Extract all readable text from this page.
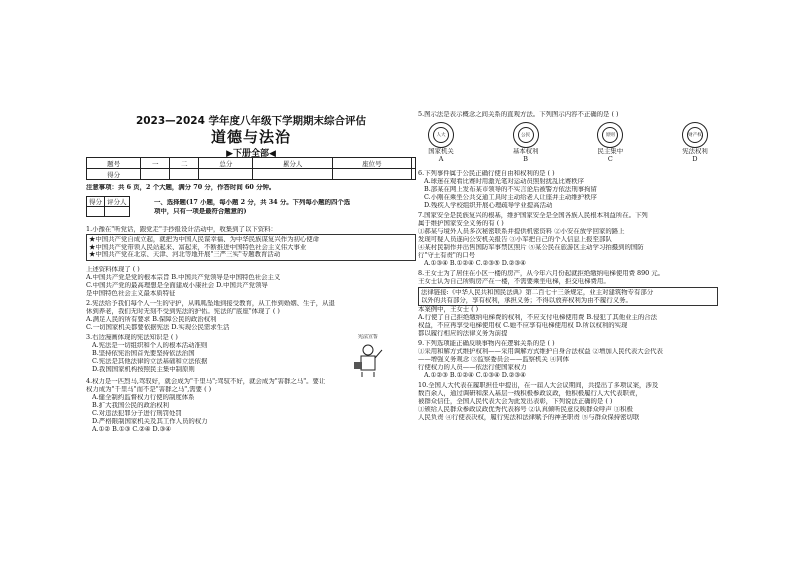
2023—2024 学年度八年级下学期期末综合评估
道德与法治
▶下册全部◀
题号	一	二	总分	累分人	座位号	
得分						
注意事项：共 6 页，2 个大题，满分 70 分，作答时间 60 分钟。
得分	评分人
		一、选择题(17 小题，每小题 2 分，共 34 分。下列每小题的四个选
项中，只有一项是最符合题意的)
1.小豫在"听党话，跟党走"手抄报设计活动中，收集到了以下资料：
★中国共产党自成立起，就把为中国人民谋幸福、为中华民族谋复兴作为初心使命
★中国共产党带领人民站起来、富起来，不断推进中国特色社会主义伟大事业
★中国共产党在北京、天津、河北等地开展"三严三实"专题教育活动
上述资料体现了 ( )
A.中国共产党是党的根本宗旨 B.中国共产党领导是中国特色社会主义
C.中国共产党的最高理想是全面建成小康社会 D.中国共产党领导
是中国特色社会主义最本质特征
2.宪法给予我们每个人一生的守护，从呱呱坠地到接受教育，从工作到婚姻、生子，从退
休到养老，我们无时无刻不受到宪法的护佑。宪法的"底座"体现了 ( )
A.满足人民的所有要求 B.保障公民的政治权利
C.一切国家机关都要依据宪法 D.实现公民需求生活
3.右边漫画体现的宪法知识是 ( )
A.宪法是一切组织和个人的根本活动准则
B.坚持依宪治国首先要坚持依法治国
C.宪法是其他法律的立法基础和立法依据
D.我国国家机构按照民主集中制原则
宪法宣誓
4.权力是一匹烈马,驾驭好，就会成为"千里马";驾驭不好，就会成为"害群之马"。要让
权力成为"千里马"而不是"害群之马",需要 ( )
A.健全制约监督权力行使的制度体系
B.扩大我国公民的政治权利
C.对违法犯罪分子进行刑罚处罚
D.严格限制国家机关及其工作人员的权力
A.①② B.①③ C.②④ D.③④
5.图示法是表示概念之间关系的直观方法。下列图示内容不正确的是 ( )
人大
国家机关
A
公民
基本权利
B
原则
民主集中
C
财产权
宪法权利
D
6.下列事件属于公民正确行使自由和权利的是 ( )
A.球迷在观看比赛时用激光笔对运动员照射扰乱比赛秩序
B.部某在网上发布某市领导的不实言论后被警方依法刑事拘留
C.小刚在乘坐公共交通工具时主动给老人让座并主动维护秩序
D.残疾人学校组织开展心理疏导学业提高活动
7.国家安全是民族复兴的根基，维护国家安全是全国各族人民根本利益所在。下列
属于维护国家安全义务的有 ( )
①郝某与境外人员多次秘密联系并提供机密资料 ②小安在放学回家的路上
发现可疑人员遂向公安机关报告 ③小军把自己的个人信息上报至部队
④某村民制作并出售国防军事禁区照片 ⑤某公民在旅游区主动学习拍摄到的国防
行"守土有责"的口号
A.①③④ B.①②④ C.②③⑤ D.②③④
8.王女士为了居住在小区一楼的房产，从今年六月份起就拒绝缴纳电梯使用费 890 元。
王女士认为自己所购房产在一楼，不需要乘坐电梯，拒交电梯费用。
法律链接:《中华人民共和国民法典》第二百七十三条规定，业主对建筑物专有部分
以外的共有部分，享有权利，承担义务；不得以放弃权利为由不履行义务。
本案例中，王女士 ( )
A.行使了自己拒绝缴纳电梯费的权利，不应支付电梯使用费 B.侵犯了其他业主的合法
权益，不应再享受电梯使用权 C.她不应享有电梯使用权 D.所以权利的实现
都以履行相应的法律义务为前提
9.下列选项能正确反映事物内在逻辑关系的是 ( )
①采用和解方式维护权利——采用调解方式维护自身合法权益 ②增加人民代表大会代表
——增强义务观念 ③监察委员会——监察机关 ④同体
行使权力的人员——依法行使国家权力
A.①②③ B.①②④ C.①③④ D.②③④
10.全国人大代表在履职担任中提出，在一届人大会议期间，共提出了多项议案，涉及
数百余人，通过调研和深入基层一线积极参政议政，他积极履行人大代表职责，
被群众信任，全国人民代表大会为此发出表彰，下列说法正确的是 ( )
①颁给人民群众参政议政优秀代表称号 ②认真倾听民意反映群众呼声 ③积极
人民负责 ④行使表决权，履行宪法和法律赋予的神圣职责 ⑤与群众保持密切联
